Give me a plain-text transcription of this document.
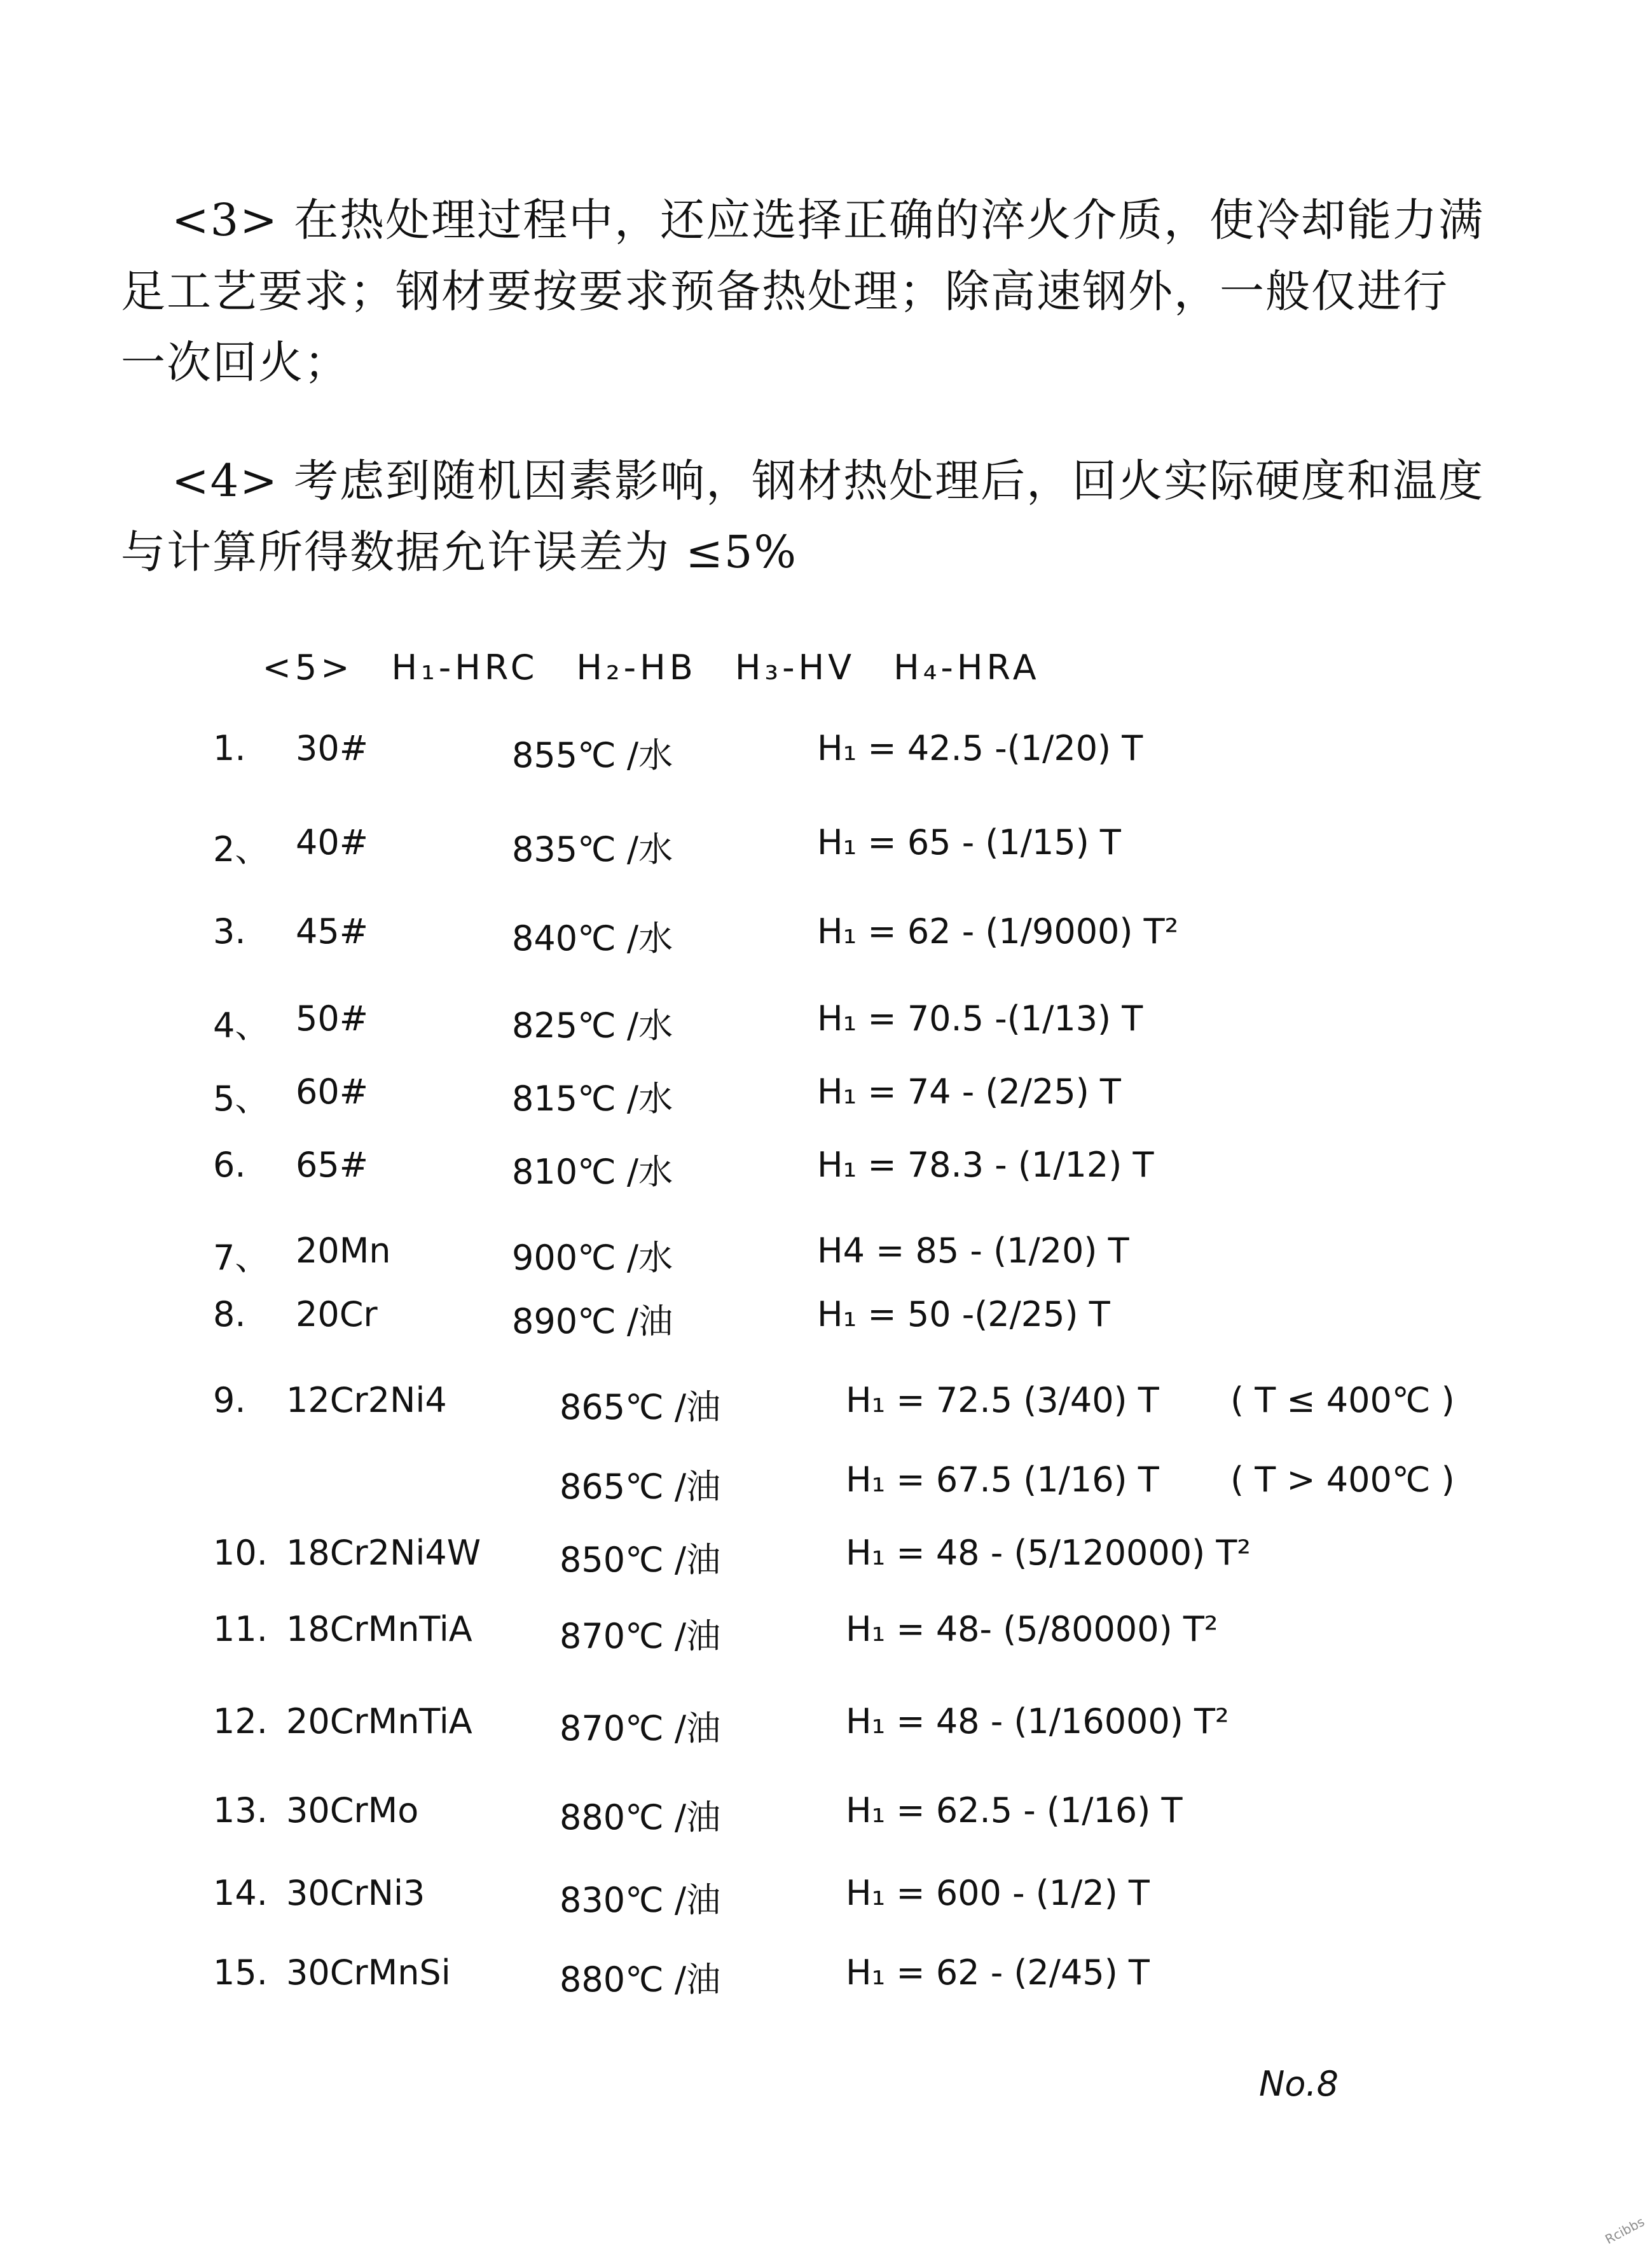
<3> 在热处理过程中，还应选择正确的淬火介质，使冷却能力满足工艺要求；钢材要按要求预备热处理；除高速钢外，一般仅进行一次回火；

<4> 考虑到随机因素影响，钢材热处理后，回火实际硬度和温度与计算所得数据允许误差为 ≤5%

<5> H₁-HRC H₂-HB H₃-HV H₄-HRA

1. 30#	855℃ /水	H₁ = 42.5 -(1/20) T
2、 40#	835℃ /水	H₁ = 65 - (1/15) T
3. 45#	840℃ /水	H₁ = 62 - (1/9000) T²
4、 50#	825℃ /水	H₁ = 70.5 -(1/13) T
5、 60#	815℃ /水	H₁ = 74 - (2/25) T
6. 65#	810℃ /水	H₁ = 78.3 - (1/12) T
7、 20Mn	900℃ /水	H4 = 85 - (1/20) T
8. 20Cr	890℃ /油	H₁ = 50 -(2/25) T
9. 12Cr2Ni4	865℃ /油	H₁ = 72.5 (3/40) T ( T ≤ 400℃ )
865℃ /油	H₁ = 67.5 (1/16) T ( T > 400℃ )
10. 18Cr2Ni4W 850℃ /油	H₁ = 48 - (5/120000) T²
11. 18CrMnTiA	870℃ /油	H₁ = 48- (5/80000) T²
12. 20CrMnTiA	870℃ /油	H₁ = 48 - (1/16000) T²
13. 30CrMo	880℃ /油	H₁ = 62.5 - (1/16) T
14. 30CrNi3	830℃ /油	H₁ = 600 - (1/2) T
15. 30CrMnSi	880℃ /油	H₁ = 62 - (2/45) T
No.8
Rcibbs
